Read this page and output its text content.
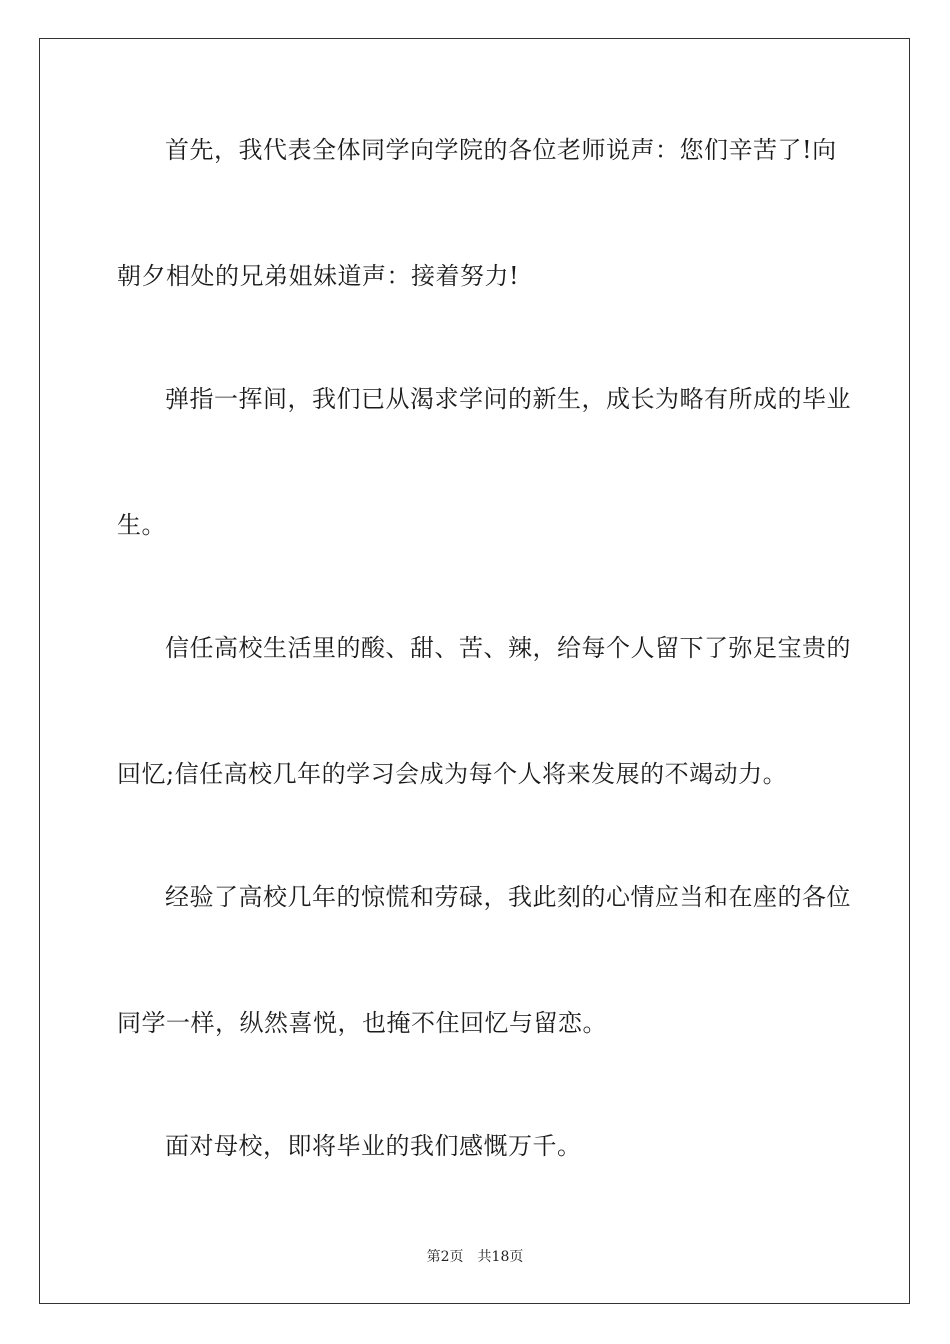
首先，我代表全体同学向学院的各位老师说声：您们辛苦了!向
朝夕相处的兄弟姐妹道声：接着努力!
弹指一挥间，我们已从渴求学问的新生，成长为略有所成的毕业
生。
信任高校生活里的酸、甜、苦、辣，给每个人留下了弥足宝贵的
回忆;信任高校几年的学习会成为每个人将来发展的不竭动力。
经验了高校几年的惊慌和劳碌，我此刻的心情应当和在座的各位
同学一样，纵然喜悦，也掩不住回忆与留恋。
面对母校，即将毕业的我们感慨万千。
第2页 共18页
